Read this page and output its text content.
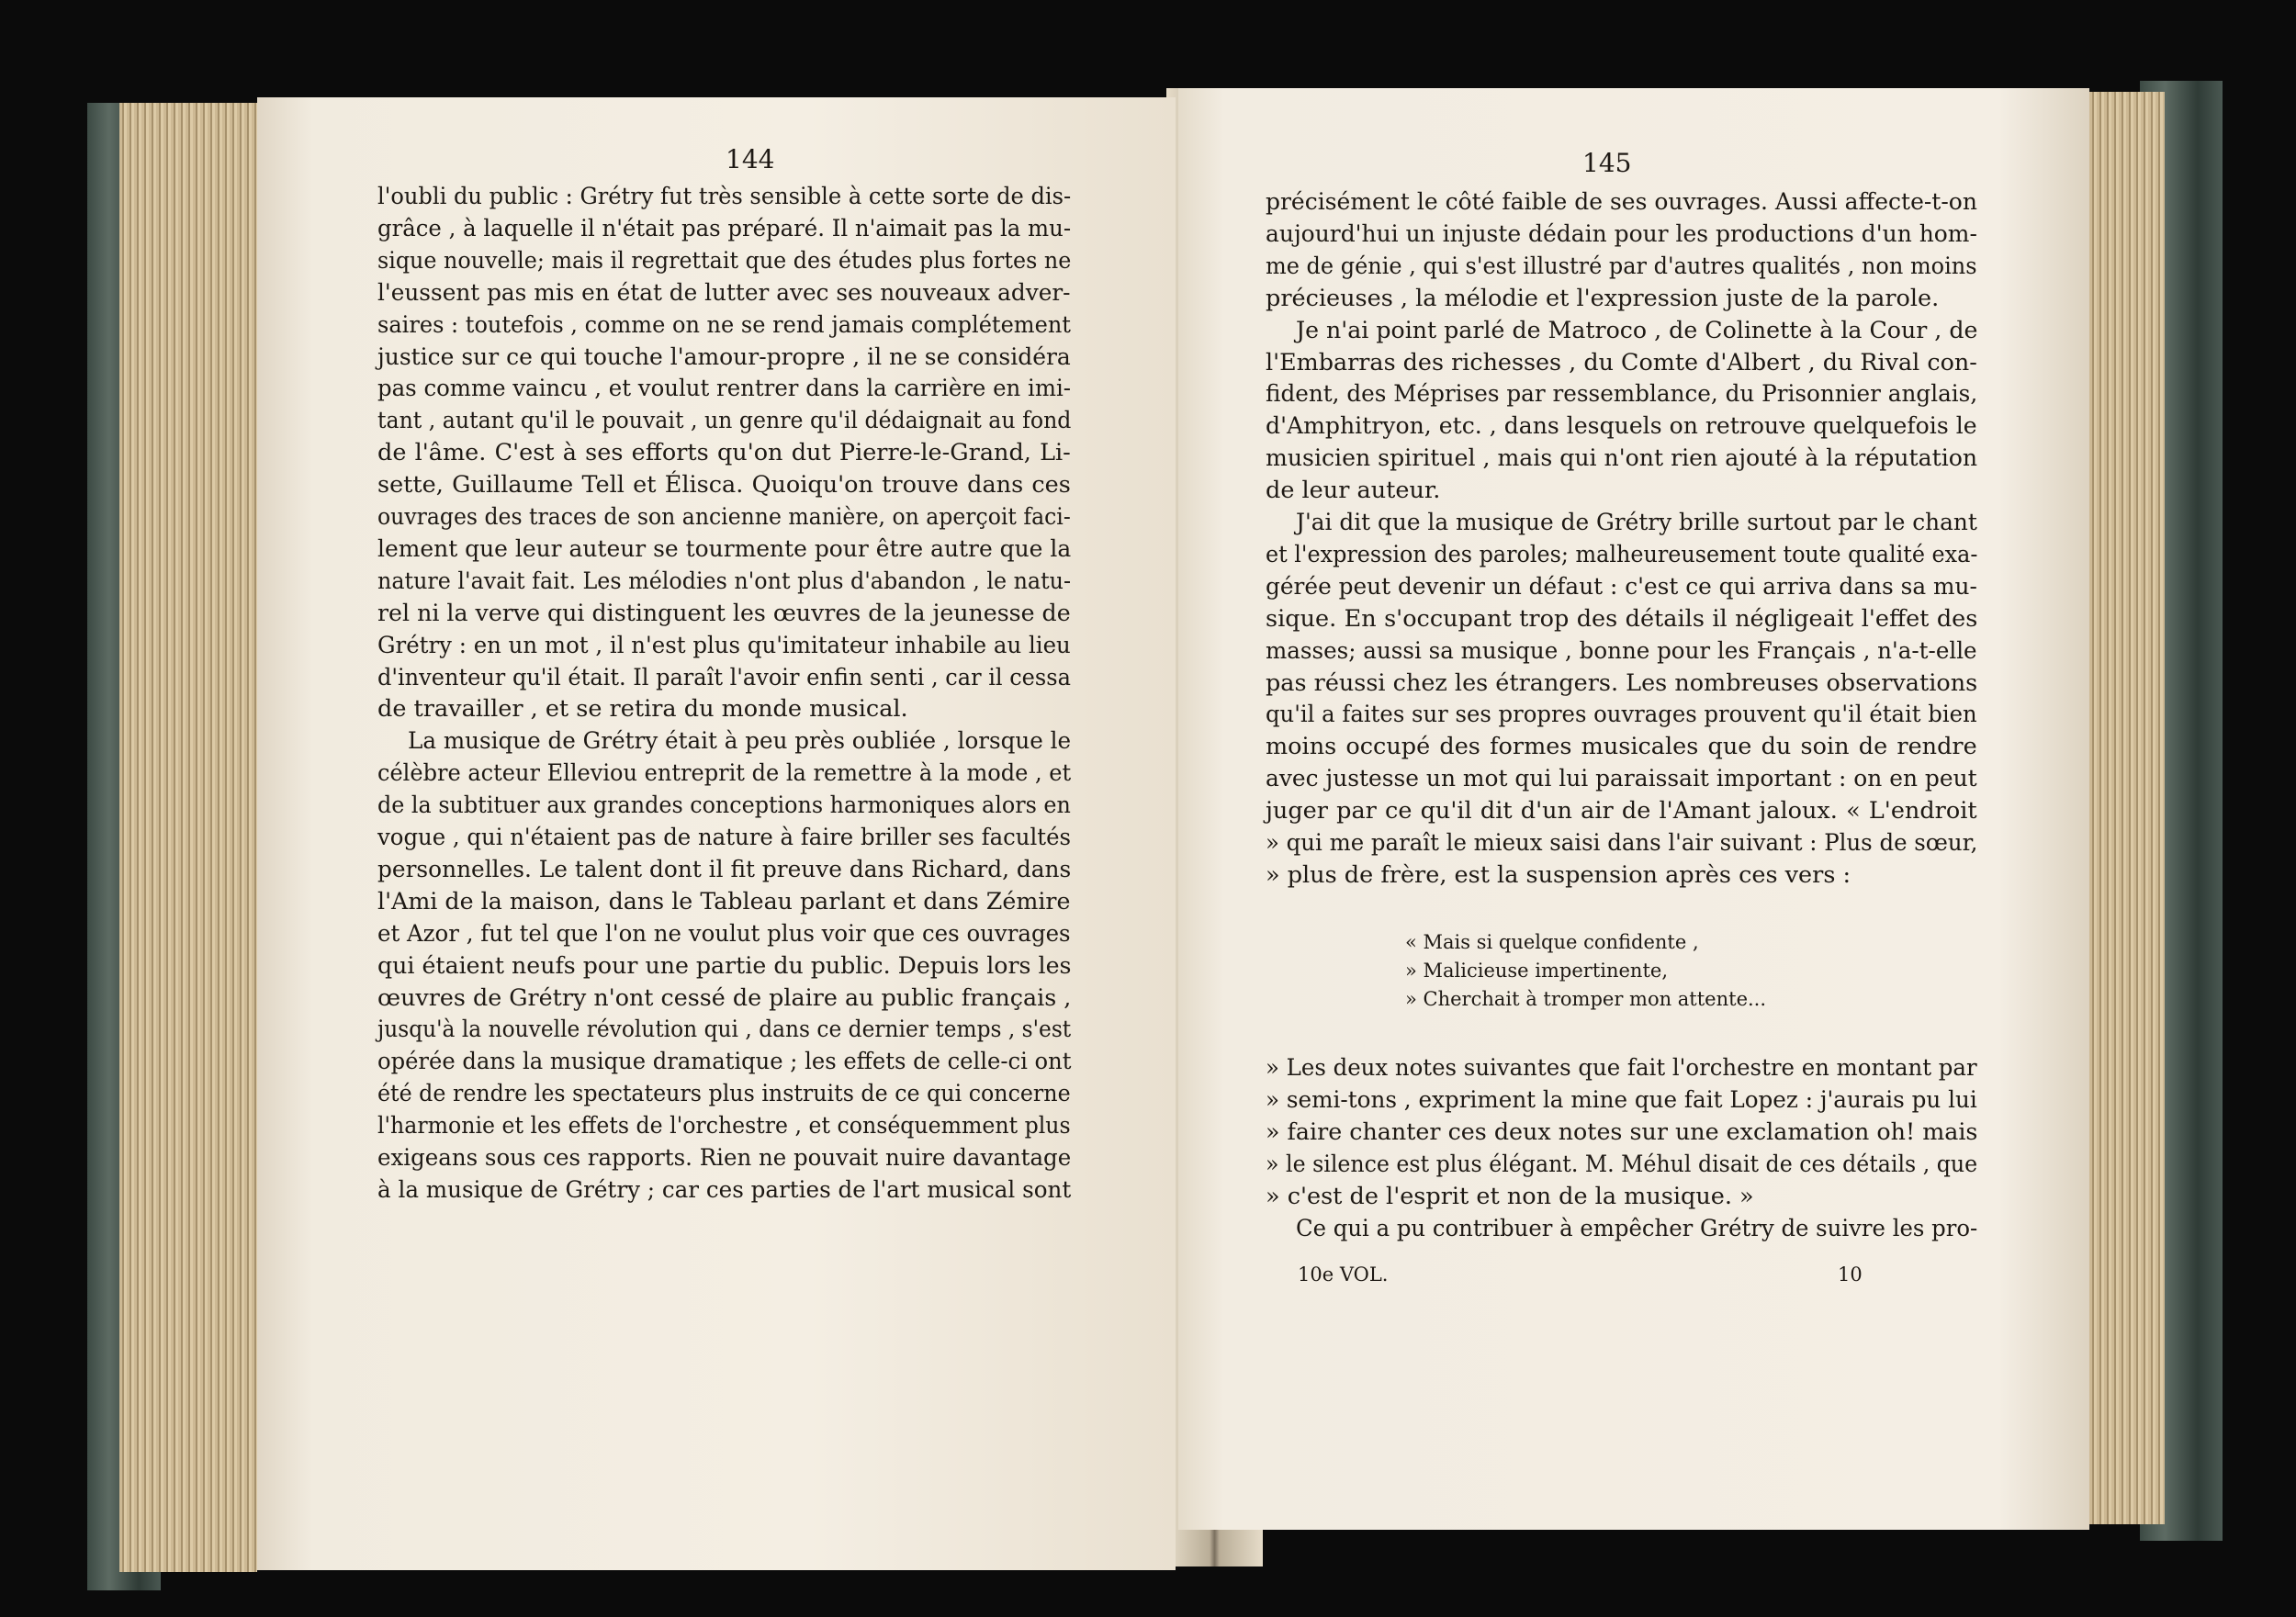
144
l'oubli du public : Grétry fut très sensible à cette sorte de dis-
grâce , à laquelle il n'était pas préparé. Il n'aimait pas la mu-
sique nouvelle; mais il regrettait que des études plus fortes ne
l'eussent pas mis en état de lutter avec ses nouveaux adver-
saires : toutefois , comme on ne se rend jamais complétement
justice sur ce qui touche l'amour-propre , il ne se considéra
pas comme vaincu , et voulut rentrer dans la carrière en imi-
tant , autant qu'il le pouvait , un genre qu'il dédaignait au fond
de l'âme. C'est à ses efforts qu'on dut Pierre-le-Grand, Li-
sette, Guillaume Tell et Élisca. Quoiqu'on trouve dans ces
ouvrages des traces de son ancienne manière, on aperçoit faci-
lement que leur auteur se tourmente pour être autre que la
nature l'avait fait. Les mélodies n'ont plus d'abandon , le natu-
rel ni la verve qui distinguent les œuvres de la jeunesse de
Grétry : en un mot , il n'est plus qu'imitateur inhabile au lieu
d'inventeur qu'il était. Il paraît l'avoir enfin senti , car il cessa
de travailler , et se retira du monde musical.
La musique de Grétry était à peu près oubliée , lorsque le
célèbre acteur Elleviou entreprit de la remettre à la mode , et
de la subtituer aux grandes conceptions harmoniques alors en
vogue , qui n'étaient pas de nature à faire briller ses facultés
personnelles. Le talent dont il fit preuve dans Richard, dans
l'Ami de la maison, dans le Tableau parlant et dans Zémire
et Azor , fut tel que l'on ne voulut plus voir que ces ouvrages
qui étaient neufs pour une partie du public. Depuis lors les
œuvres de Grétry n'ont cessé de plaire au public français ,
jusqu'à la nouvelle révolution qui , dans ce dernier temps , s'est
opérée dans la musique dramatique ; les effets de celle-ci ont
été de rendre les spectateurs plus instruits de ce qui concerne
l'harmonie et les effets de l'orchestre , et conséquemment plus
exigeans sous ces rapports. Rien ne pouvait nuire davantage
à la musique de Grétry ; car ces parties de l'art musical sont
145
précisément le côté faible de ses ouvrages. Aussi affecte-t-on
aujourd'hui un injuste dédain pour les productions d'un hom-
me de génie , qui s'est illustré par d'autres qualités , non moins
précieuses , la mélodie et l'expression juste de la parole.
Je n'ai point parlé de Matroco , de Colinette à la Cour , de
l'Embarras des richesses , du Comte d'Albert , du Rival con-
fident, des Méprises par ressemblance, du Prisonnier anglais,
d'Amphitryon, etc. , dans lesquels on retrouve quelquefois le
musicien spirituel , mais qui n'ont rien ajouté à la réputation
de leur auteur.
J'ai dit que la musique de Grétry brille surtout par le chant
et l'expression des paroles; malheureusement toute qualité exa-
gérée peut devenir un défaut : c'est ce qui arriva dans sa mu-
sique. En s'occupant trop des détails il négligeait l'effet des
masses; aussi sa musique , bonne pour les Français , n'a-t-elle
pas réussi chez les étrangers. Les nombreuses observations
qu'il a faites sur ses propres ouvrages prouvent qu'il était bien
moins occupé des formes musicales que du soin de rendre
avec justesse un mot qui lui paraissait important : on en peut
juger par ce qu'il dit d'un air de l'Amant jaloux. « L'endroit
» qui me paraît le mieux saisi dans l'air suivant : Plus de sœur,
» plus de frère, est la suspension après ces vers :
« Mais si quelque confidente ,
» Malicieuse impertinente,
» Cherchait à tromper mon attente...
» Les deux notes suivantes que fait l'orchestre en montant par
» semi-tons , expriment la mine que fait Lopez : j'aurais pu lui
» faire chanter ces deux notes sur une exclamation oh! mais
» le silence est plus élégant. M. Méhul disait de ces détails , que
» c'est de l'esprit et non de la musique. »
Ce qui a pu contribuer à empêcher Grétry de suivre les pro-
10e VOL.	10
